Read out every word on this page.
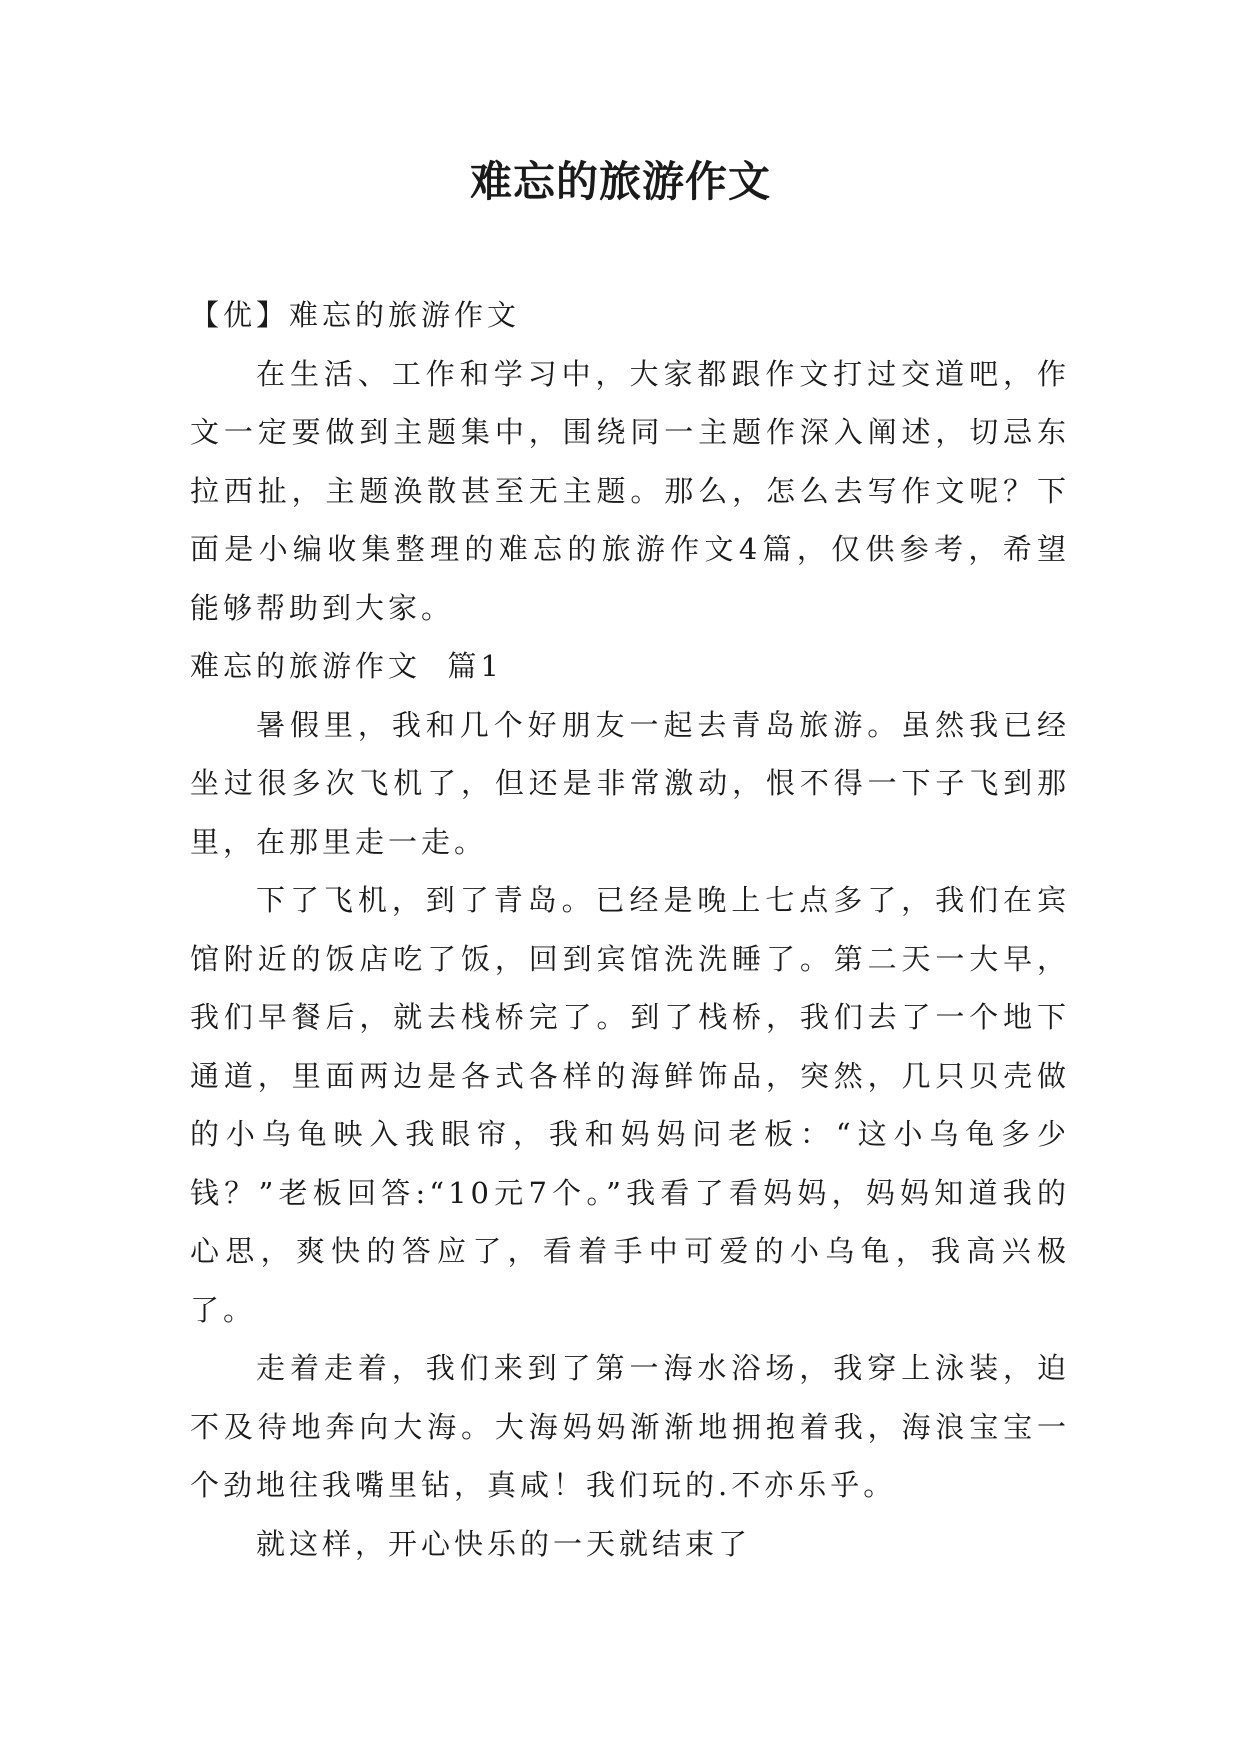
难忘的旅游作文

【优】难忘的旅游作文

在生活、工作和学习中，大家都跟作文打过交道吧，作文一定要做到主题集中，围绕同一主题作深入阐述，切忌东拉西扯，主题涣散甚至无主题。那么，怎么去写作文呢？下面是小编收集整理的难忘的旅游作文4篇，仅供参考，希望能够帮助到大家。

难忘的旅游作文  篇1

暑假里，我和几个好朋友一起去青岛旅游。虽然我已经坐过很多次飞机了，但还是非常激动，恨不得一下子飞到那里，在那里走一走。

下了飞机，到了青岛。已经是晚上七点多了，我们在宾馆附近的饭店吃了饭，回到宾馆洗洗睡了。第二天一大早，我们早餐后，就去栈桥完了。到了栈桥，我们去了一个地下通道，里面两边是各式各样的海鲜饰品，突然，几只贝壳做的小乌龟映入我眼帘，我和妈妈问老板：“这小乌龟多少钱？”老板回答:“10元7个。”我看了看妈妈，妈妈知道我的心思，爽快的答应了，看着手中可爱的小乌龟，我高兴极了。

走着走着，我们来到了第一海水浴场，我穿上泳装，迫不及待地奔向大海。大海妈妈渐渐地拥抱着我，海浪宝宝一个劲地往我嘴里钻，真咸！我们玩的.不亦乐乎。

就这样，开心快乐的一天就结束了
